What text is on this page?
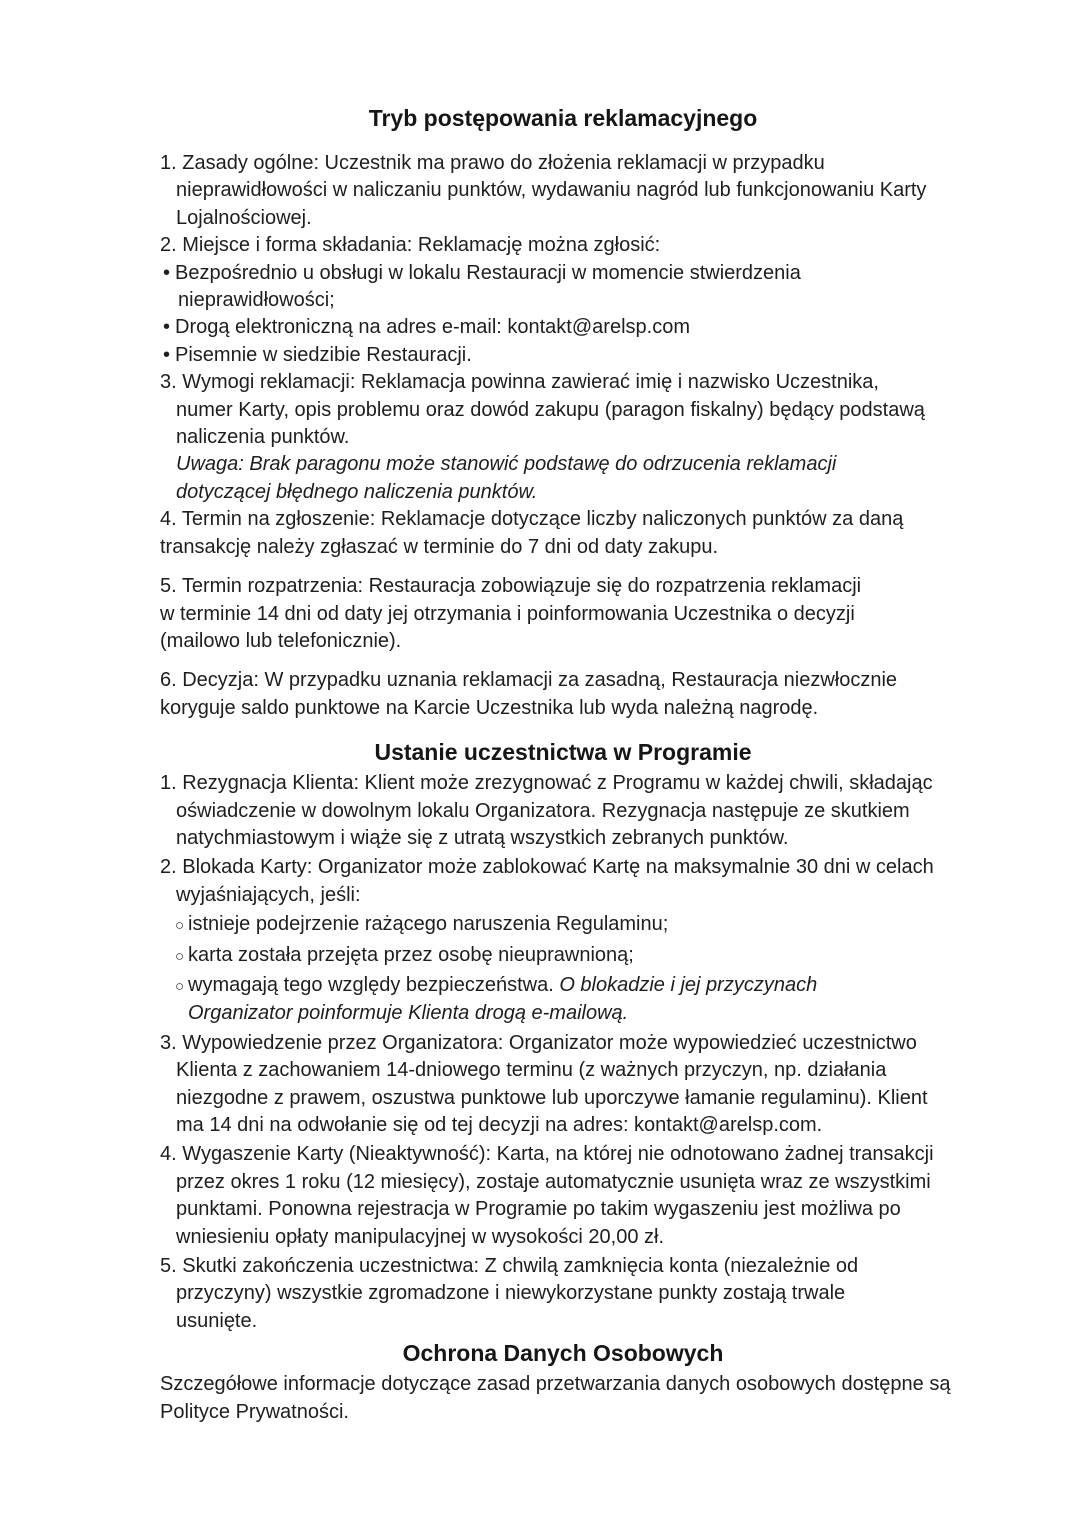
Tryb postępowania reklamacyjnego
1. Zasady ogólne: Uczestnik ma prawo do złożenia reklamacji w przypadku
nieprawidłowości w naliczaniu punktów, wydawaniu nagród lub funkcjonowaniu Karty
Lojalnościowej.
2. Miejsce i forma składania: Reklamację można zgłosić:
• Bezpośrednio u obsługi w lokalu Restauracji w momencie stwierdzenia
nieprawidłowości;
• Drogą elektroniczną na adres e-mail: kontakt@arelsp.com
• Pisemnie w siedzibie Restauracji.
3. Wymogi reklamacji: Reklamacja powinna zawierać imię i nazwisko Uczestnika,
numer Karty, opis problemu oraz dowód zakupu (paragon fiskalny) będący podstawą
naliczenia punktów.
Uwaga: Brak paragonu może stanowić podstawę do odrzucenia reklamacji
dotyczącej błędnego naliczenia punktów.
4. Termin na zgłoszenie: Reklamacje dotyczące liczby naliczonych punktów za daną
transakcję należy zgłaszać w terminie do 7 dni od daty zakupu.
5. Termin rozpatrzenia: Restauracja zobowiązuje się do rozpatrzenia reklamacji
w terminie 14 dni od daty jej otrzymania i poinformowania Uczestnika o decyzji
(mailowo lub telefonicznie).
6. Decyzja: W przypadku uznania reklamacji za zasadną, Restauracja niezwłocznie
koryguje saldo punktowe na Karcie Uczestnika lub wyda należną nagrodę.
Ustanie uczestnictwa w Programie
1. Rezygnacja Klienta: Klient może zrezygnować z Programu w każdej chwili, składając
oświadczenie w dowolnym lokalu Organizatora. Rezygnacja następuje ze skutkiem
natychmiastowym i wiąże się z utratą wszystkich zebranych punktów.
2. Blokada Karty: Organizator może zablokować Kartę na maksymalnie 30 dni w celach
wyjaśniających, jeśli:
○ istnieje podejrzenie rażącego naruszenia Regulaminu;
○ karta została przejęta przez osobę nieuprawnioną;
○ wymagają tego względy bezpieczeństwa. O blokadzie i jej przyczynach
Organizator poinformuje Klienta drogą e-mailową.
3. Wypowiedzenie przez Organizatora: Organizator może wypowiedzieć uczestnictwo
Klienta z zachowaniem 14-dniowego terminu (z ważnych przyczyn, np. działania
niezgodne z prawem, oszustwa punktowe lub uporczywe łamanie regulaminu). Klient
ma 14 dni na odwołanie się od tej decyzji na adres: kontakt@arelsp.com.
4. Wygaszenie Karty (Nieaktywność): Karta, na której nie odnotowano żadnej transakcji
przez okres 1 roku (12 miesięcy), zostaje automatycznie usunięta wraz ze wszystkimi
punktami. Ponowna rejestracja w Programie po takim wygaszeniu jest możliwa po
wniesieniu opłaty manipulacyjnej w wysokości 20,00 zł.
5. Skutki zakończenia uczestnictwa: Z chwilą zamknięcia konta (niezależnie od
przyczyny) wszystkie zgromadzone i niewykorzystane punkty zostają trwale
usunięte.
Ochrona Danych Osobowych
Szczegółowe informacje dotyczące zasad przetwarzania danych osobowych dostępne są
Polityce Prywatności.
